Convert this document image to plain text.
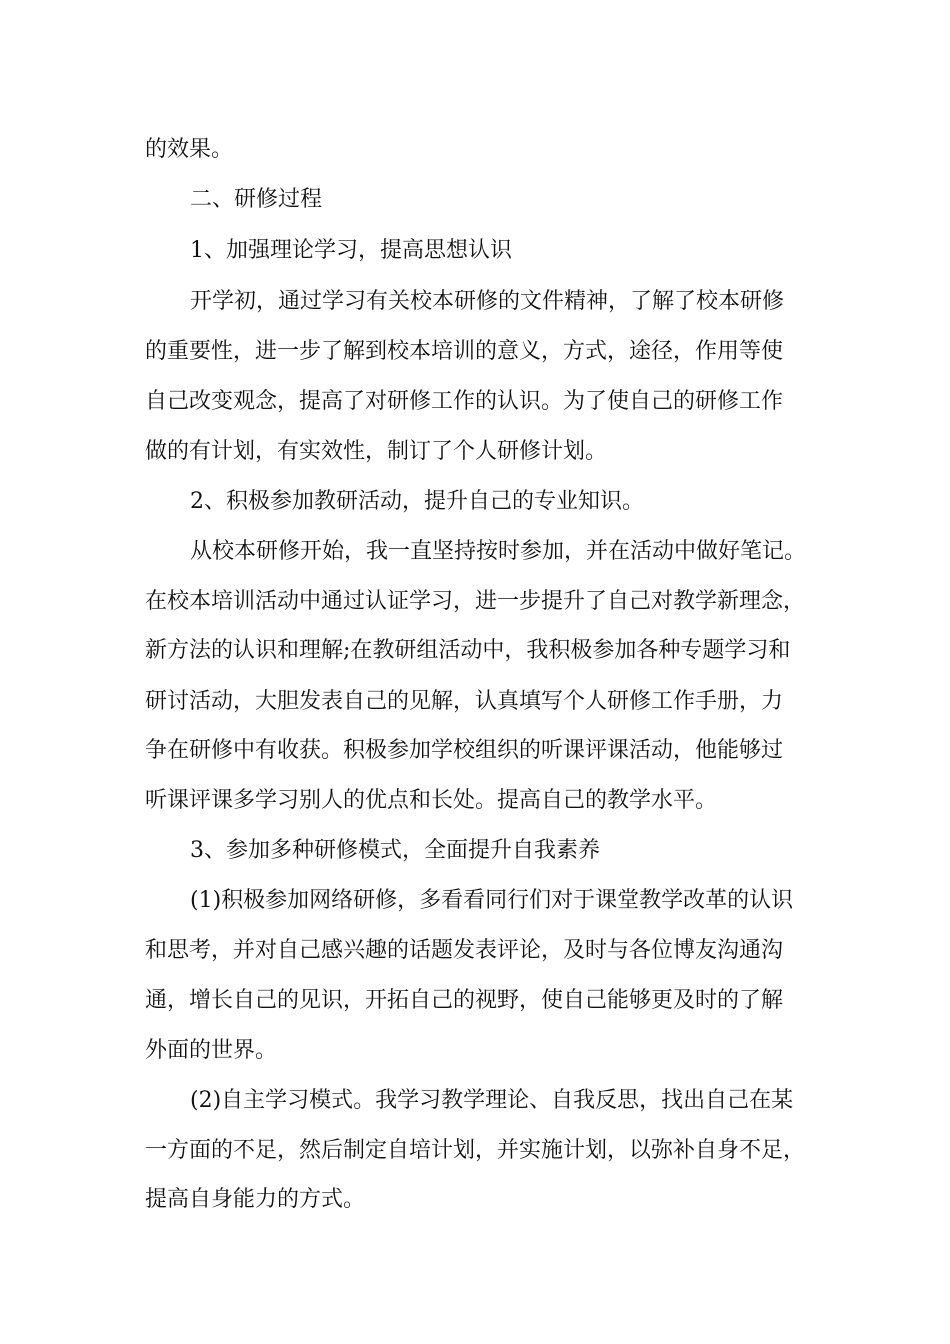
的效果。
二、研修过程
1、加强理论学习，提高思想认识
开学初，通过学习有关校本研修的文件精神，了解了校本研修
的重要性，进一步了解到校本培训的意义，方式，途径，作用等使
自己改变观念，提高了对研修工作的认识。为了使自己的研修工作
做的有计划，有实效性，制订了个人研修计划。
2、积极参加教研活动，提升自己的专业知识。
从校本研修开始，我一直坚持按时参加，并在活动中做好笔记。
在校本培训活动中通过认证学习，进一步提升了自己对教学新理念，
新方法的认识和理解;在教研组活动中，我积极参加各种专题学习和
研讨活动，大胆发表自己的见解，认真填写个人研修工作手册，力
争在研修中有收获。积极参加学校组织的听课评课活动，他能够过
听课评课多学习别人的优点和长处。提高自己的教学水平。
3、参加多种研修模式，全面提升自我素养
(1)积极参加网络研修，多看看同行们对于课堂教学改革的认识
和思考，并对自己感兴趣的话题发表评论，及时与各位博友沟通沟
通，增长自己的见识，开拓自己的视野，使自己能够更及时的了解
外面的世界。
(2)自主学习模式。我学习教学理论、自我反思，找出自己在某
一方面的不足，然后制定自培计划，并实施计划，以弥补自身不足，
提高自身能力的方式。
